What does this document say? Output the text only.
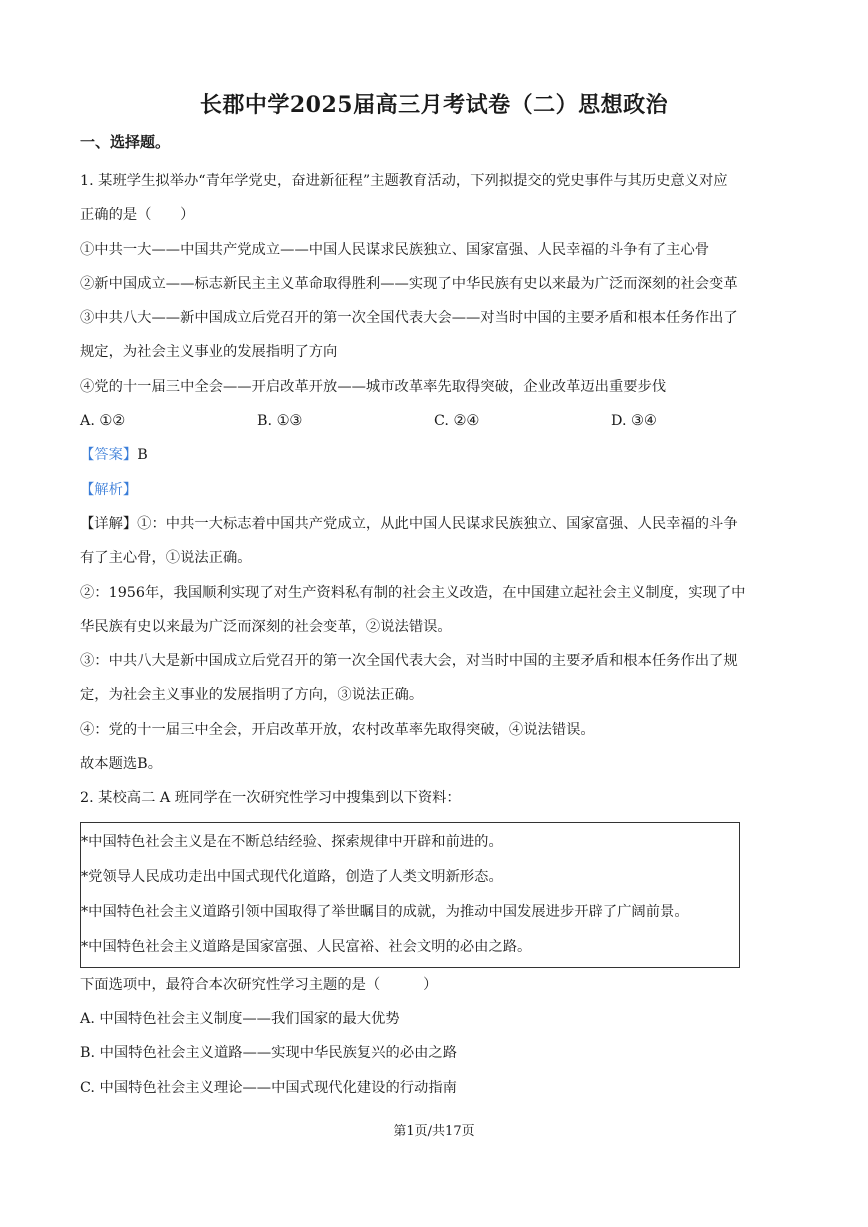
长郡中学2025届高三月考试卷（二）思想政治
一、选择题。

1. 某班学生拟举办“青年学党史，奋进新征程”主题教育活动，下列拟提交的党史事件与其历史意义对应

正确的是（　　）

①中共一大——中国共产党成立——中国人民谋求民族独立、国家富强、人民幸福的斗争有了主心骨

②新中国成立——标志新民主主义革命取得胜利——实现了中华民族有史以来最为广泛而深刻的社会变革

③中共八大——新中国成立后党召开的第一次全国代表大会——对当时中国的主要矛盾和根本任务作出了

规定，为社会主义事业的发展指明了方向

④党的十一届三中全会——开启改革开放——城市改革率先取得突破，企业改革迈出重要步伐

A. ①②	B. ①③	C. ②④	D. ③④

【答案】B

【解析】

【详解】①：中共一大标志着中国共产党成立，从此中国人民谋求民族独立、国家富强、人民幸福的斗争

有了主心骨，①说法正确。

②：1956年，我国顺利实现了对生产资料私有制的社会主义改造，在中国建立起社会主义制度，实现了中

华民族有史以来最为广泛而深刻的社会变革，②说法错误。

③：中共八大是新中国成立后党召开的第一次全国代表大会，对当时中国的主要矛盾和根本任务作出了规

定，为社会主义事业的发展指明了方向，③说法正确。

④：党的十一届三中全会，开启改革开放，农村改革率先取得突破，④说法错误。

故本题选B。

2. 某校高二 A 班同学在一次研究性学习中搜集到以下资料：

*中国特色社会主义是在不断总结经验、探索规律中开辟和前进的。

*党领导人民成功走出中国式现代化道路，创造了人类文明新形态。

*中国特色社会主义道路引领中国取得了举世瞩目的成就，为推动中国发展进步开辟了广阔前景。

*中国特色社会主义道路是国家富强、人民富裕、社会文明的必由之路。

下面选项中，最符合本次研究性学习主题的是（　　　）

A. 中国特色社会主义制度——我们国家的最大优势

B. 中国特色社会主义道路——实现中华民族复兴的必由之路

C. 中国特色社会主义理论——中国式现代化建设的行动指南

第1页/共17页
